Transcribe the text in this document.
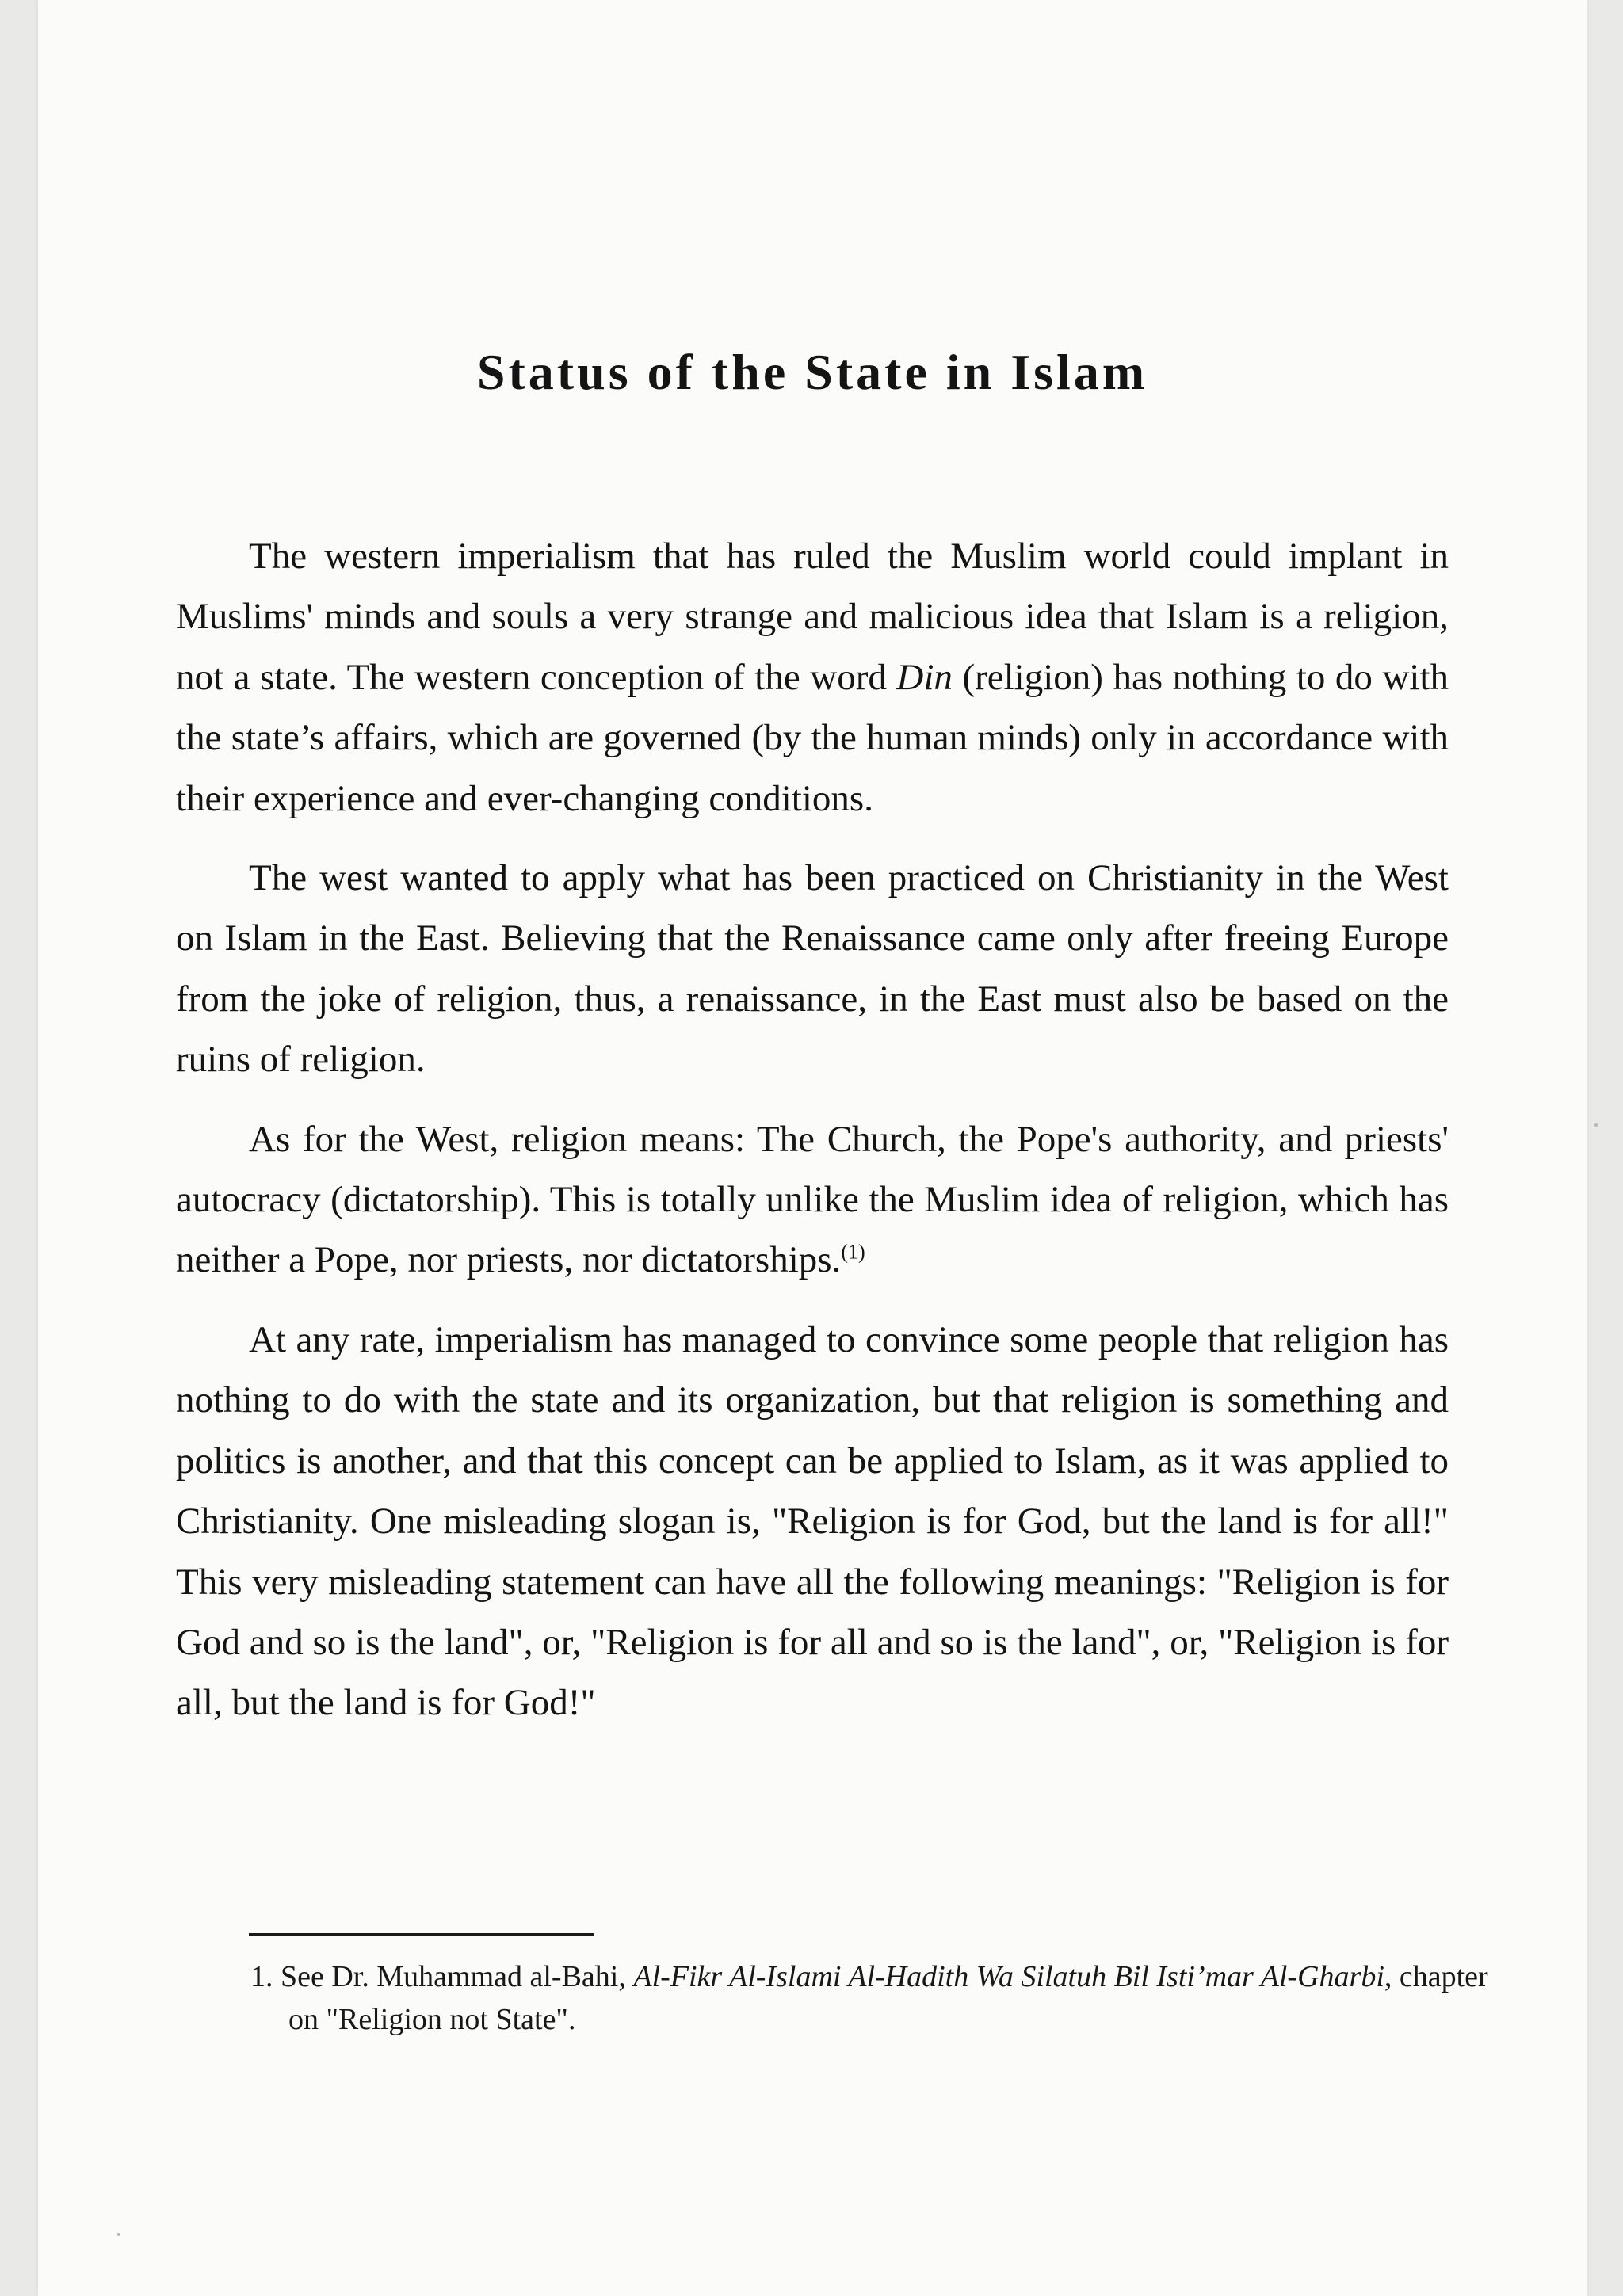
Status of the State in Islam

The western imperialism that has ruled the Muslim world could implant in Muslims' minds and souls a very strange and malicious idea that Islam is a religion, not a state. The western conception of the word Din (religion) has nothing to do with the state’s affairs, which are governed (by the human minds) only in accordance with their experience and ever-changing conditions.

The west wanted to apply what has been practiced on Christianity in the West on Islam in the East. Believing that the Renaissance came only after freeing Europe from the joke of religion, thus, a renaissance, in the East must also be based on the ruins of religion.

As for the West, religion means: The Church, the Pope's authority, and priests' autocracy (dictatorship). This is totally unlike the Muslim idea of religion, which has neither a Pope, nor priests, nor dictatorships.$^{(1)}$

At any rate, imperialism has managed to convince some people that religion has nothing to do with the state and its organization, but that religion is something and politics is another, and that this concept can be applied to Islam, as it was applied to Christianity. One misleading slogan is, "Religion is for God, but the land is for all!" This very misleading statement can have all the following meanings: "Religion is for God and so is the land", or, "Religion is for all and so is the land", or, "Religion is for all, but the land is for God!"

1. See Dr. Muhammad al-Bahi, Al-Fikr Al-Islami Al-Hadith Wa Silatuh Bil Isti’mar Al-Gharbi, chapter on "Religion not State".
